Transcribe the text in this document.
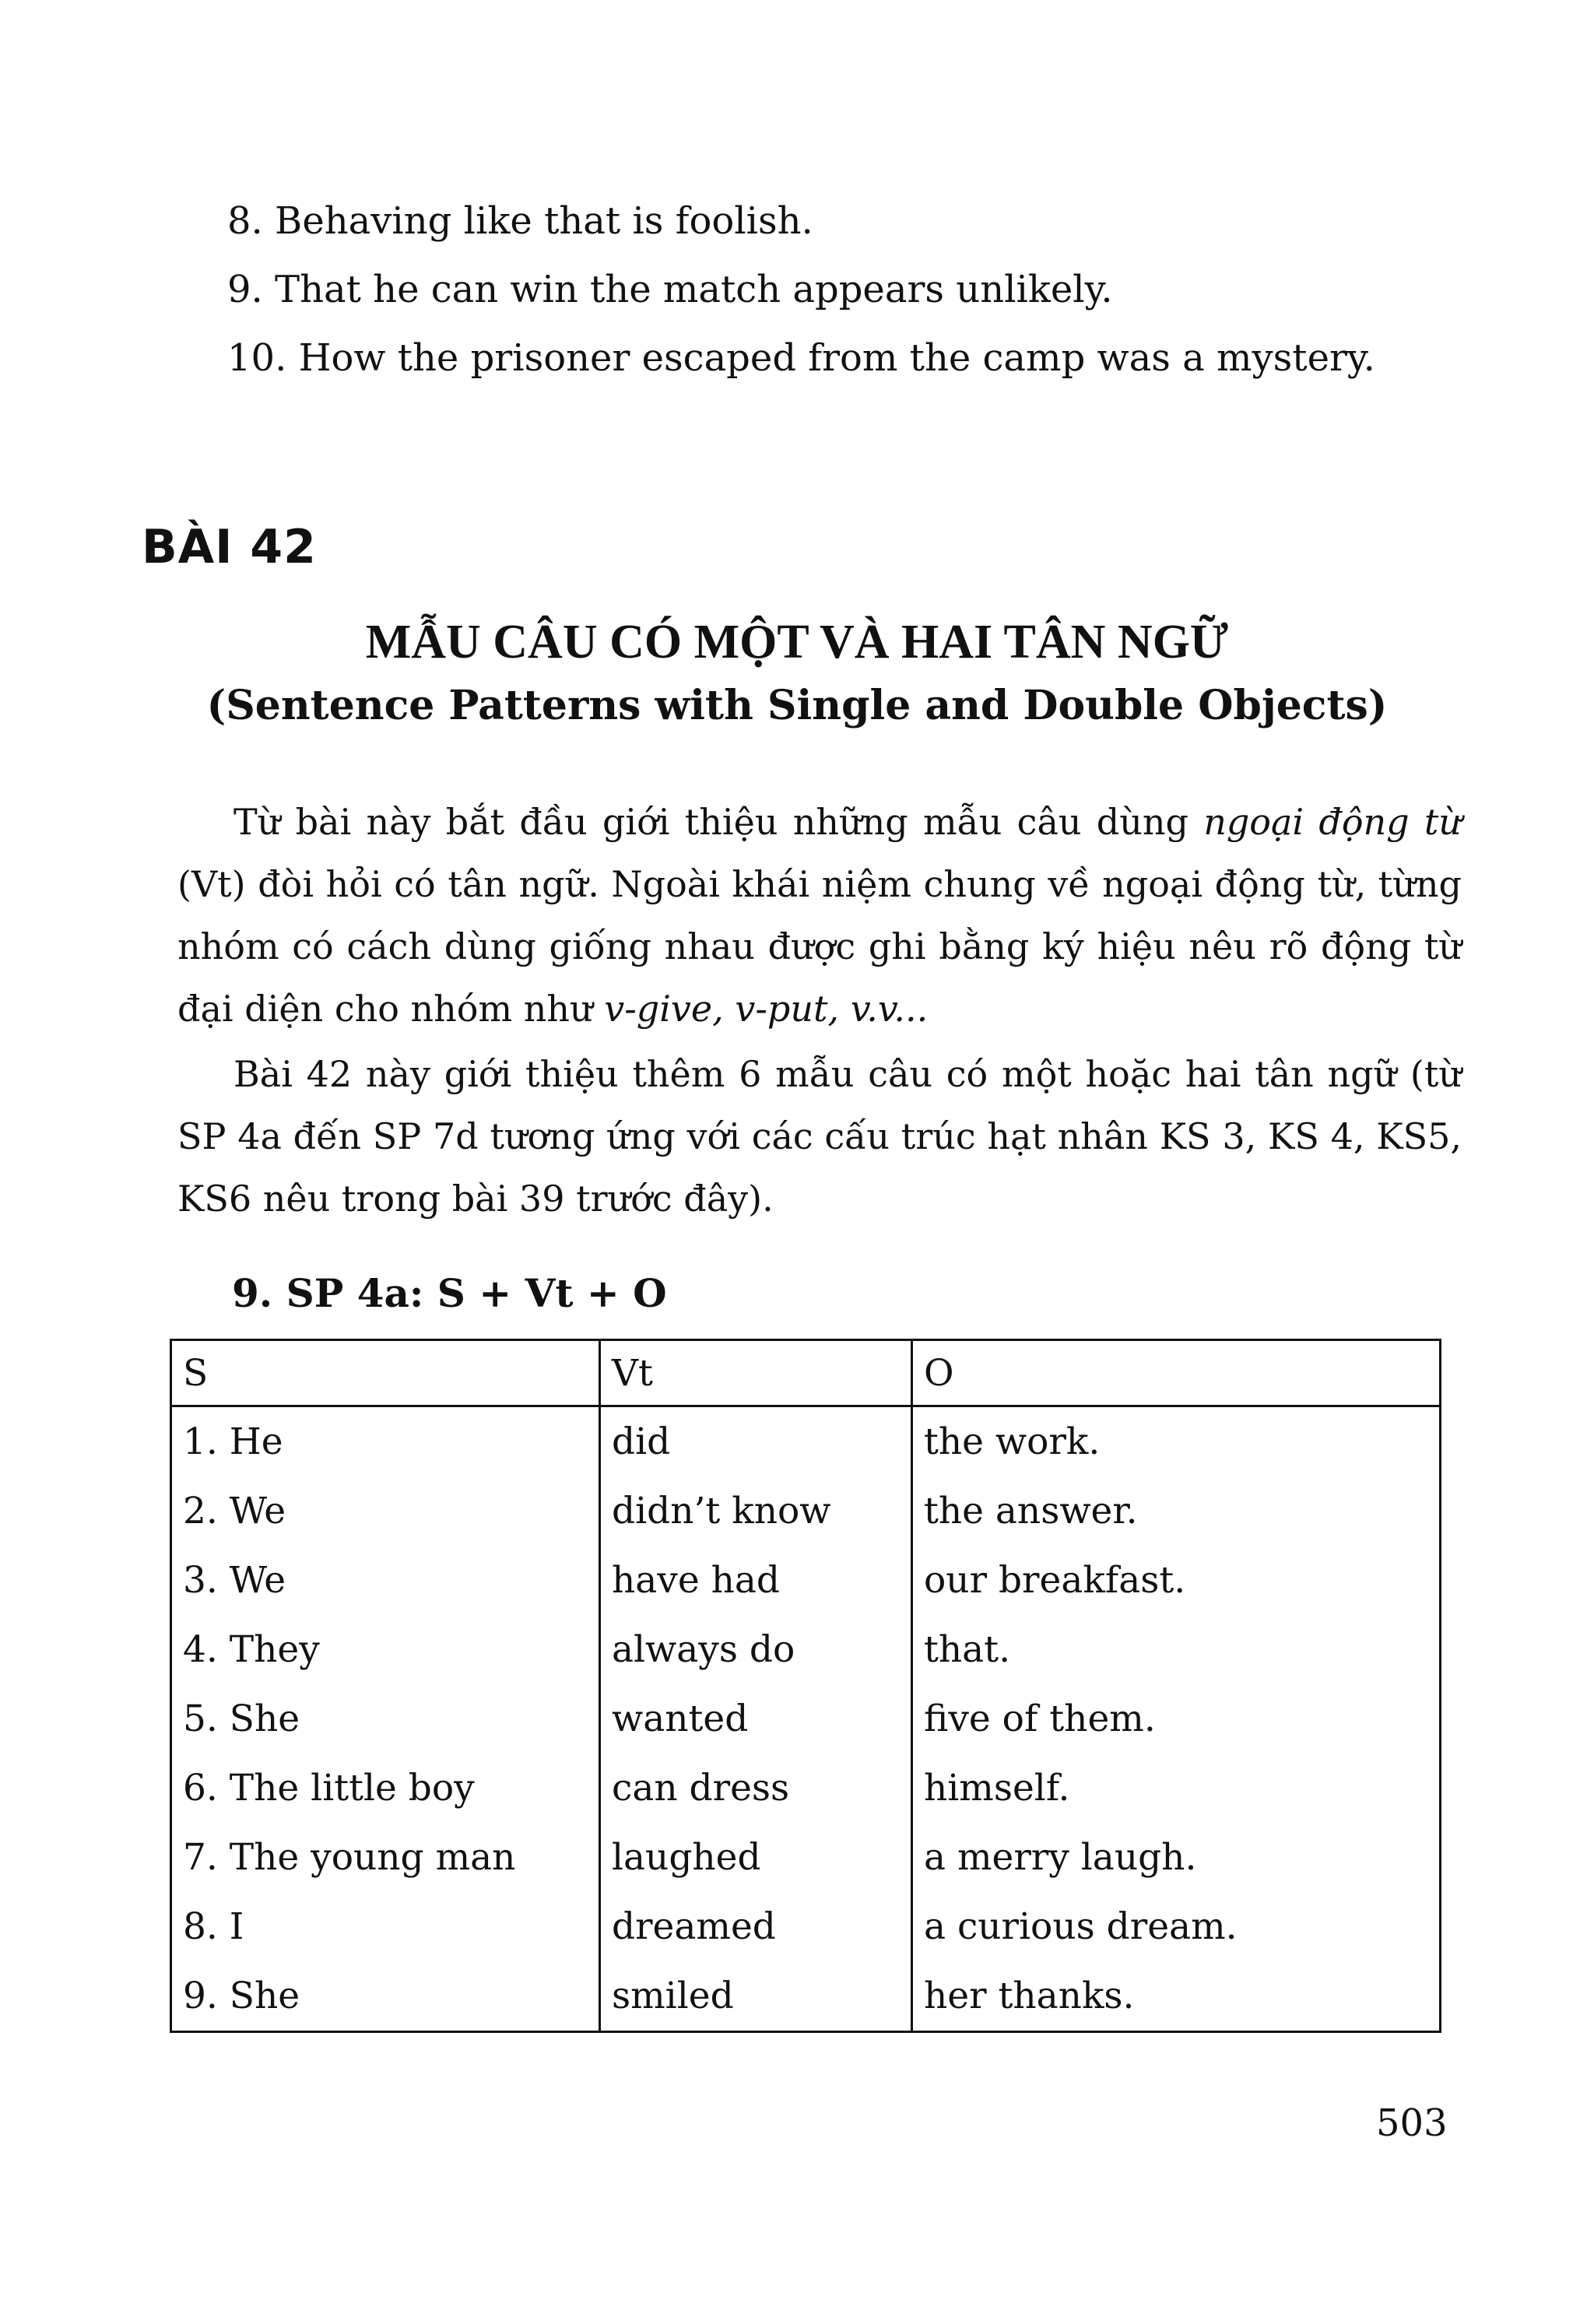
8. Behaving like that is foolish.
9. That he can win the match appears unlikely.
10. How the prisoner escaped from the camp was a mystery.
BÀI 42
MẪU CÂU CÓ MỘT VÀ HAI TÂN NGỮ
(Sentence Patterns with Single and Double Objects)
Từ bài này bắt đầu giới thiệu những mẫu câu dùng ngoại động từ (Vt) đòi hỏi có tân ngữ. Ngoài khái niệm chung về ngoại động từ, từng nhóm có cách dùng giống nhau được ghi bằng ký hiệu nêu rõ động từ đại diện cho nhóm như v-give, v-put, v.v...
Bài 42 này giới thiệu thêm 6 mẫu câu có một hoặc hai tân ngữ (từ SP 4a đến SP 7d tương ứng với các cấu trúc hạt nhân KS 3, KS 4, KS5, KS6 nêu trong bài 39 trước đây).
9. SP 4a: S + Vt + O
S	Vt	O
1. He	did	the work.
2. We	didn’t know	the answer.
3. We	have had	our breakfast.
4. They	always do	that.
5. She	wanted	five of them.
6. The little boy	can dress	himself.
7. The young man	laughed	a merry laugh.
8. I	dreamed	a curious dream.
9. She	smiled	her thanks.
503
